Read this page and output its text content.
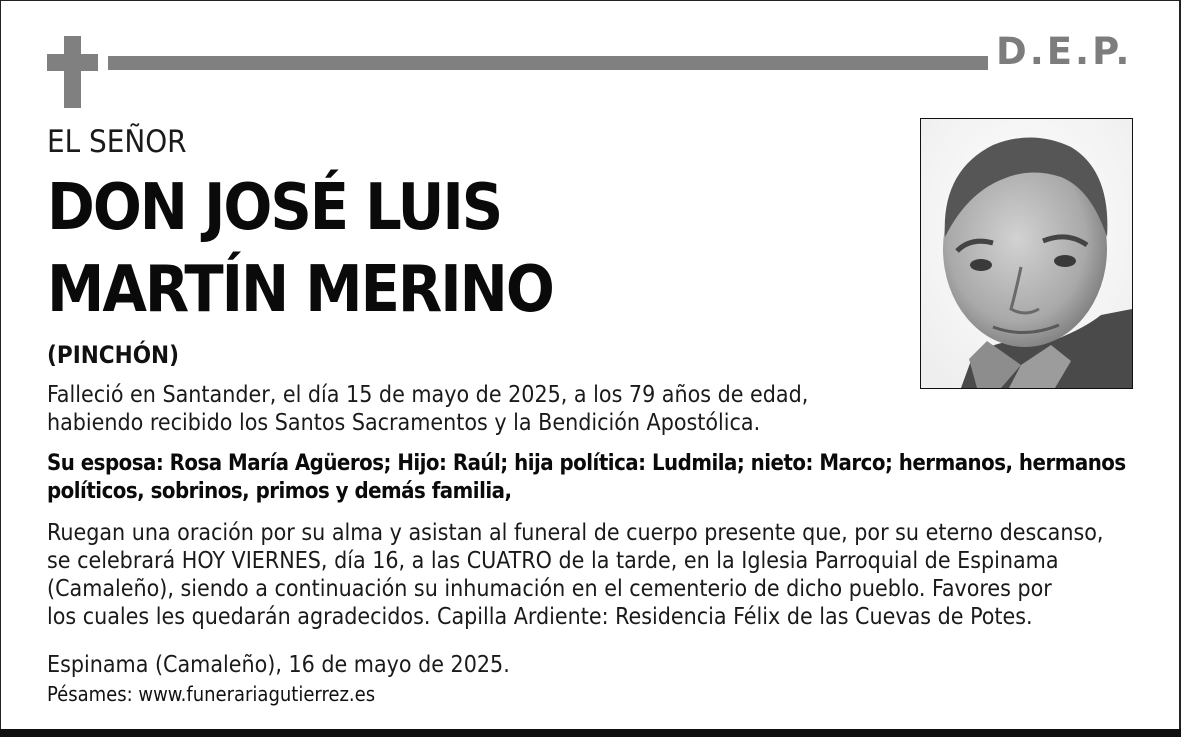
D.E.P.
EL SEÑOR
DON JOSÉ LUIS
MARTÍN MERINO
(PINCHÓN)
Falleció en Santander, el día 15 de mayo de 2025, a los 79 años de edad,
habiendo recibido los Santos Sacramentos y la Bendición Apostólica.
Su esposa: Rosa María Agüeros; Hijo: Raúl; hija política: Ludmila; nieto: Marco; hermanos, hermanos
políticos, sobrinos, primos y demás familia,
Ruegan una oración por su alma y asistan al funeral de cuerpo presente que, por su eterno descanso,
se celebrará HOY VIERNES, día 16, a las CUATRO de la tarde, en la Iglesia Parroquial de Espinama
(Camaleño), siendo a continuación su inhumación en el cementerio de dicho pueblo. Favores por
los cuales les quedarán agradecidos. Capilla Ardiente: Residencia Félix de las Cuevas de Potes.
Espinama (Camaleño), 16 de mayo de 2025.
Pésames: www.funerariagutierrez.es
